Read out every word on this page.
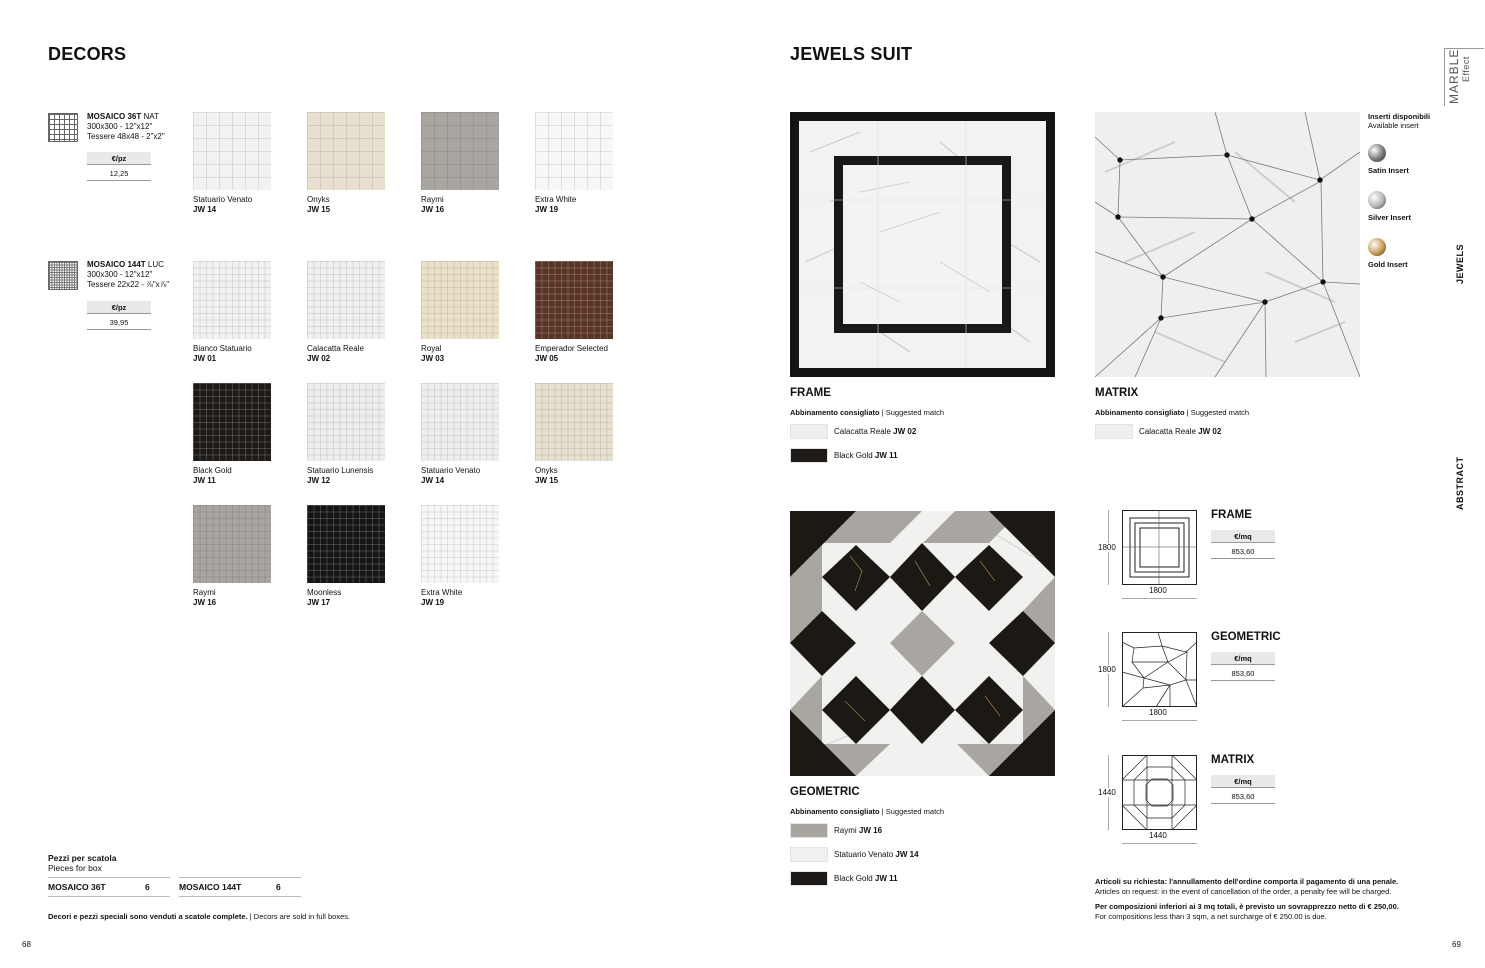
DECORS
MOSAICO 36T NAT
300x300 - 12"x12"
Tessere 48x48 - 2"x2"
€/pz
12,25
MOSAICO 144T LUC
300x300 - 12"x12"
Tessere 22x22 - ⅞"x⅞"
€/pz
39,95
Statuario Venato
JW 14
Onyks
JW 15
Raymi
JW 16
Extra White
JW 19
Bianco Statuario
JW 01
Calacatta Reale
JW 02
Royal
JW 03
Emperador Selected
JW 05
Black Gold
JW 11
Statuario Lunensis
JW 12
Statuario Venato
JW 14
Onyks
JW 15
Raymi
JW 16
Moonless
JW 17
Extra White
JW 19
Pezzi per scatola
Pieces for box
MOSAICO 36T	6	MOSAICO 144T	6
Decori e pezzi speciali sono venduti a scatole complete. | Decors are sold in full boxes.
68
JEWELS SUIT
Inserti disponibili
Available insert
Satin Insert
Silver Insert
Gold Insert
FRAME
Abbinamento consigliato | Suggested match
MATRIX
Abbinamento consigliato | Suggested match
GEOMETRIC
Abbinamento consigliato | Suggested match
Calacatta Reale JW 02
Black Gold JW 11
Calacatta Reale JW 02
Raymi JW 16
Statuario Venato JW 14
Black Gold JW 11
1800
1800
FRAME
€/mq
853,60
1800
1800
GEOMETRIC
€/mq
853,60
1440
1440
MATRIX
€/mq
853,60
Articoli su richiesta: l'annullamento dell'ordine comporta il pagamento di una penale.
Articles on request: in the event of cancellation of the order, a penalty fee will be charged.
Per composizioni inferiori ai 3 mq totali, è previsto un sovrapprezzo netto di € 250,00.
For compositions less than 3 sqm, a net surcharge of € 250.00 is due.
69
MARBLE Effect
JEWELS
ABSTRACT
